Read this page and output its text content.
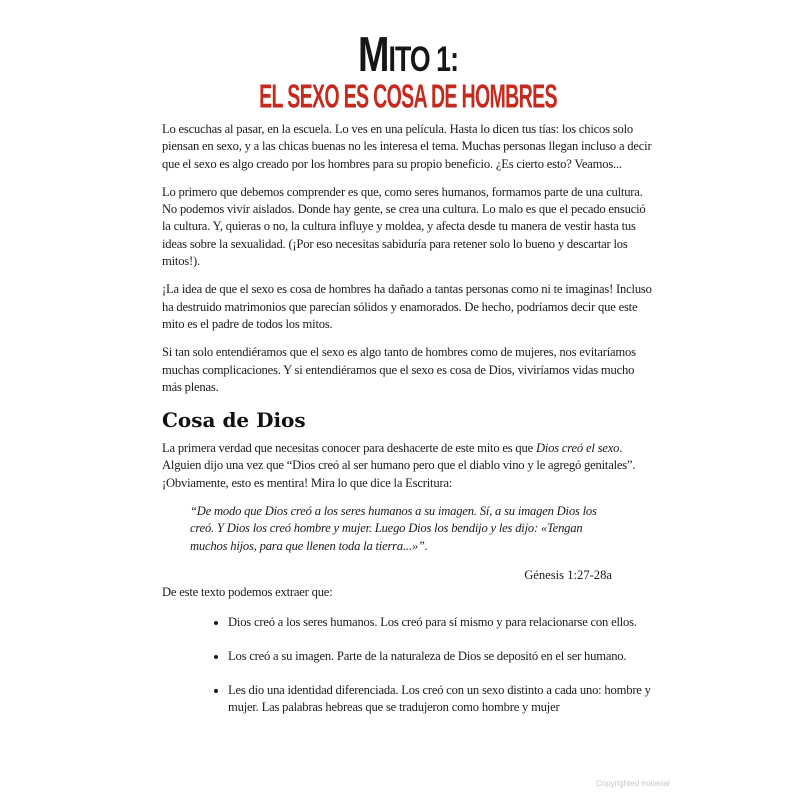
MITO 1:
EL SEXO ES COSA DE HOMBRES

Lo escuchas al pasar, en la escuela. Lo ves en una película. Hasta lo dicen tus tías: los chicos solo piensan en sexo, y a las chicas buenas no les interesa el tema. Muchas personas llegan incluso a decir que el sexo es algo creado por los hombres para su propio beneficio. ¿Es cierto esto? Veamos...

Lo primero que debemos comprender es que, como seres humanos, formamos parte de una cultura. No podemos vivir aislados. Donde hay gente, se crea una cultura. Lo malo es que el pecado ensució la cultura. Y, quieras o no, la cultura influye y moldea, y afecta desde tu manera de vestir hasta tus ideas sobre la sexualidad. (¡Por eso necesitas sabiduría para retener solo lo bueno y descartar los mitos!).

¡La idea de que el sexo es cosa de hombres ha dañado a tantas personas como ni te imaginas! Incluso ha destruido matrimonios que parecían sólidos y enamorados. De hecho, podríamos decir que este mito es el padre de todos los mitos.

Si tan solo entendiéramos que el sexo es algo tanto de hombres como de mujeres, nos evitaríamos muchas complicaciones. Y si entendiéramos que el sexo es cosa de Dios, viviríamos vidas mucho más plenas.

Cosa de Dios

La primera verdad que necesitas conocer para deshacerte de este mito es que Dios creó el sexo. Alguien dijo una vez que “Dios creó al ser humano pero que el diablo vino y le agregó genitales”. ¡Obviamente, esto es mentira! Mira lo que dice la Escritura:

“De modo que Dios creó a los seres humanos a su imagen. Sí, a su imagen Dios los creó. Y Dios los creó hombre y mujer. Luego Dios los bendijo y les dijo: «Tengan muchos hijos, para que llenen toda la tierra...»”.
Génesis 1:27-28a

De este texto podemos extraer que:

• Dios creó a los seres humanos. Los creó para sí mismo y para relacionarse con ellos.
• Los creó a su imagen. Parte de la naturaleza de Dios se depositó en el ser humano.
• Les dio una identidad diferenciada. Los creó con un sexo distinto a cada uno: hombre y mujer. Las palabras hebreas que se tradujeron como hombre y mujer
Copyrighted material
